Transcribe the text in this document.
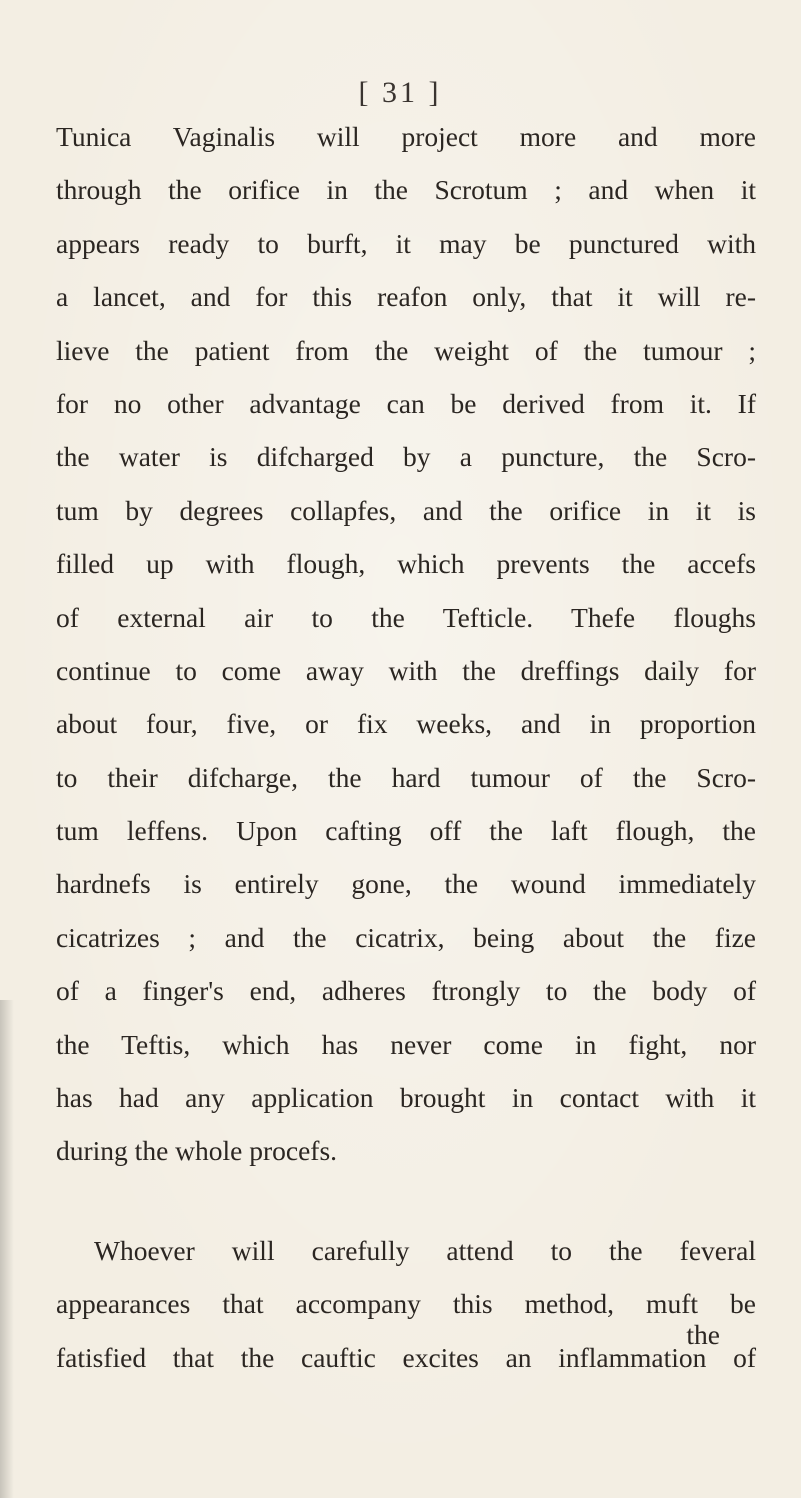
[ 31 ]
Tunica Vaginalis will project more and more
through the orifice in the Scrotum ; and when it
appears ready to burft, it may be punctured with
a lancet, and for this reafon only, that it will re-
lieve the patient from the weight of the tumour ;
for no other advantage can be derived from it. If
the water is difcharged by a puncture, the Scro-
tum by degrees collapfes, and the orifice in it is
filled up with flough, which prevents the accefs
of external air to the Tefticle. Thefe floughs
continue to come away with the dreffings daily for
about four, five, or fix weeks, and in proportion
to their difcharge, the hard tumour of the Scro-
tum leffens. Upon cafting off the laft flough, the
hardnefs is entirely gone, the wound immediately
cicatrizes ; and the cicatrix, being about the fize
of a finger's end, adheres ftrongly to the body of
the Teftis, which has never come in fight, nor
has had any application brought in contact with it
during the whole procefs.
Whoever will carefully attend to the feveral
appearances that accompany this method, muft be
fatisfied that the cauftic excites an inflammation of
the
